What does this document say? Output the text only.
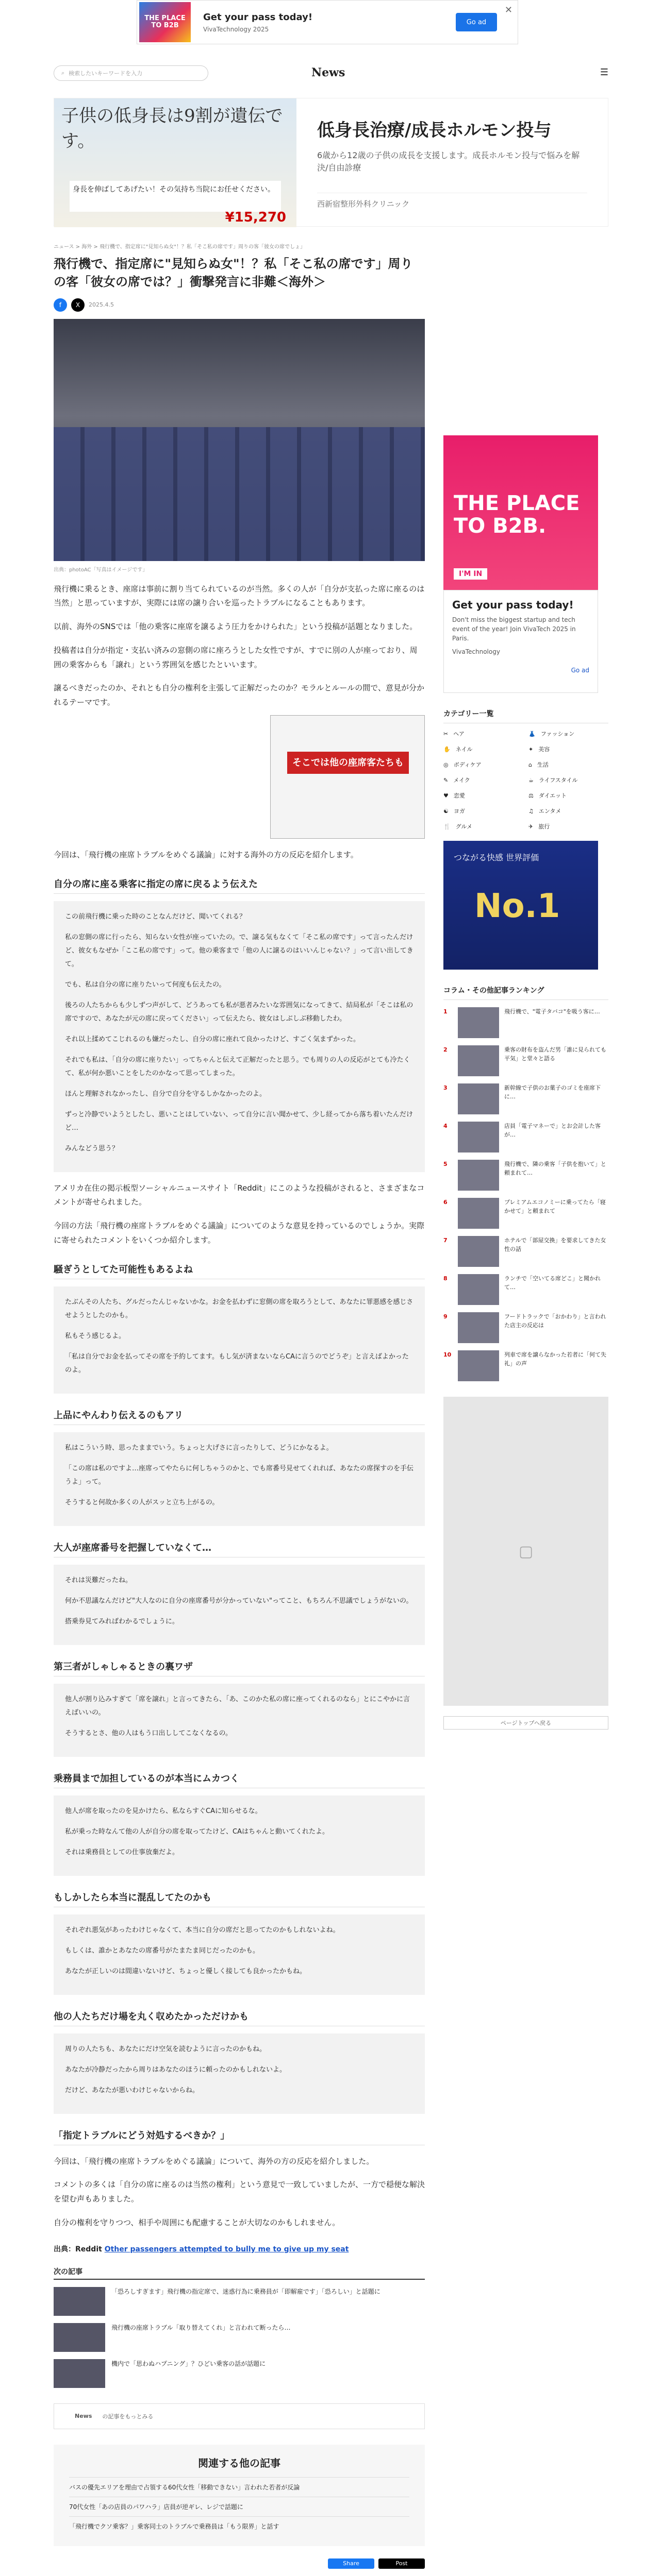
THE PLACE TO B2B
Get your pass today!
VivaTechnology 2025
Go ad
✕
⌕ 検索したいキーワードを入力	News	☰
子供の低身長は9割が遺伝です。
身長を伸ばしてあげたい！その気持ち当院にお任せください。
¥15,270
低身長治療/成長ホルモン投与
6歳から12歳の子供の成長を支援します。成長ホルモン投与で悩みを解決/自由診療
西新宿整形外科クリニック
ニュース > 海外 > 飛行機で、指定席に"見知らぬ女"！？私「そこ私の席です」周りの客「彼女の席でしょ」
飛行機で、指定席に"見知らぬ女"！？私「そこ私の席です」周りの客「彼女の席では？」衝撃発言に非難＜海外＞
f	X	2025.4.5
出典：photoAC「写真はイメージです」

飛行機に乗るとき、座席は事前に割り当てられているのが当然。多くの人が「自分が支払った席に座るのは当然」と思っていますが、実際には席の譲り合いを巡ったトラブルになることもあります。

以前、海外のSNSでは「他の乗客に座席を譲るよう圧力をかけられた」という投稿が話題となりました。

投稿者は自分が指定・支払い済みの窓側の席に座ろうとした女性ですが、すでに別の人が座っており、周囲の乗客からも「譲れ」という雰囲気を感じたといいます。

譲るべきだったのか、それとも自分の権利を主張して正解だったのか？モラルとルールの間で、意見が分かれるテーマです。

そこでは他の座席客たちも

今回は、「飛行機の座席トラブルをめぐる議論」に対する海外の方の反応を紹介します。

自分の席に座る乗客に指定の席に戻るよう伝えた

この前飛行機に乗った時のことなんだけど、聞いてくれる？

私の窓側の席に行ったら、知らない女性が座っていたの。で、譲る気もなくて「そこ私の席です」って言ったんだけど、彼女もなぜか「ここ私の席です」って。他の乗客まで「他の人に譲るのはいいんじゃない？」って言い出してきて。

でも、私は自分の席に座りたいって何度も伝えたの。

後ろの人たちからも少しずつ声がして、どうあっても私が悪者みたいな雰囲気になってきて、結局私が「そこは私の席ですので、あなたが元の席に戻ってください」って伝えたら、彼女はしぶしぶ移動したわ。

それ以上揉めてこじれるのも嫌だったし、自分の席に座れて良かったけど、すごく気まずかった。

それでも私は、「自分の席に座りたい」ってちゃんと伝えて正解だったと思う。でも周りの人の反応がとても冷たくて、私が何か悪いことをしたのかなって思ってしまった。

ほんと理解されなかったし、自分で自分を守るしかなかったのよ。

ずっと冷静でいようとしたし、悪いことはしていない、って自分に言い聞かせて、少し経ってから落ち着いたんだけど…

みんなどう思う？

アメリカ在住の掲示板型ソーシャルニュースサイト「Reddit」にこのような投稿がされると、さまざまなコメントが寄せられました。

今回の方法「飛行機の座席トラブルをめぐる議論」についてのような意見を持っているのでしょうか。実際に寄せられたコメントをいくつか紹介します。

騒ぎうとしてた可能性もあるよね

たぶんその人たち、グルだったんじゃないかな。お金を払わずに窓側の席を取ろうとして、あなたに罪悪感を感じさせようとしたのかも。

私もそう感じるよ。

「私は自分でお金を払ってその席を予約してます。もし気が済まないならCAに言うのでどうぞ」と言えばよかったのよ。

上品にやんわり伝えるのもアリ

私はこういう時、思ったままでいう。ちょっと大げさに言ったりして、どうにかなるよ。

「この席は私のですよ…座席ってやたらに何しちゃうのかと、でも席番号見せてくれれば、あなたの席探すのを手伝うよ」って。

そうすると何故か多くの人がスッと立ち上がるの。

大人が座席番号を把握していなくて…

それは災難だったね。

何か不思議なんだけど"大人なのに自分の座席番号が分かっていない"ってこと、もちろん不思議でしょうがないの。

搭乗券見てみればわかるでしょうに。

第三者がしゃしゃるときの裏ワザ

他人が割り込みすぎて「席を譲れ」と言ってきたら、「あ、このかた私の席に座ってくれるのなら」とにこやかに言えばいいの。

そうするとさ、他の人はもう口出ししてこなくなるの。

乗務員まで加担しているのが本当にムカつく

他人が席を取ったのを見かけたら、私ならすぐCAに知らせるな。

私が乗った時なんて他の人が自分の席を取ってたけど、CAはちゃんと動いてくれたよ。

それは乗務員としての仕事放棄だよ。

もしかしたら本当に混乱してたのかも

それぞれ悪気があったわけじゃなくて、本当に自分の席だと思ってたのかもしれないよね。

もしくは、誰かとあなたの席番号がたまたま同じだったのかも。

あなたが正しいのは間違いないけど、ちょっと優しく接しても良かったかもね。

他の人たちだけ場を丸く収めたかっただけかも

周りの人たちも、あなたにだけ空気を読むように言ったのかもね。

あなたが冷静だったから周りはあなたのほうに頼ったのかもしれないよ。

だけど、あなたが悪いわけじゃないからね。

「指定トラブルにどう対処するべきか？」

今回は、「飛行機の座席トラブルをめぐる議論」について、海外の方の反応を紹介しました。

コメントの多くは「自分の席に座るのは当然の権利」という意見で一致していましたが、一方で穏便な解決を望む声もありました。

自分の権利を守りつつ、相手や周囲にも配慮することが大切なのかもしれません。

出典：Reddit Other passengers attempted to bully me to give up my seat
次の記事
「恐ろしすぎます」飛行機の指定席で、迷惑行為に乗務員が「即解雇です」「恐ろしい」と話題に
飛行機の座席トラブル「取り替えてくれ」と言われて断ったら…
機内で「思わぬハプニング」？ひどい乗客の話が話題に
News の記事をもっとみる
関連する他の記事
バスの優先エリアを理由で占領する60代女性「移動できない」言われた若者が反論
70代女性「あの店員のパワハラ」店員が逆ギレ、レジで話題に
「飛行機でクソ乗客？」乗客同士のトラブルで乗務員は「もう限界」と話す
Share	Post
THE PLACE TO B2B.
I'M IN
Get your pass today!
Don't miss the biggest startup and tech event of the year! Join VivaTech 2025 in Paris.
VivaTechnology
Go ad
カテゴリー一覧
✂ ヘア	👗 ファッション
✋ ネイル	✦ 美容
◎ ボディケア	⌂ 生活
✎ メイク	☕ ライフスタイル
♥ 恋愛	⚖ ダイエット
☯ ヨガ	♫ エンタメ
🍴 グルメ	✈ 旅行
つながる快感 世界評価
No.1
コラム・その他記事ランキング
1	飛行機で、"電子タバコ"を吸う客に…
2	乗客の財布を盗んだ男「誰に見られても平気」と堂々と語る
3	新幹線で子供のお菓子のゴミを座席下に…
4	店員「電子マネーで」とお会計した客が…
5	飛行機で、隣の乗客「子供を抱いて」と頼まれて…
6	プレミアムエコノミーに乗ってたら「寝かせて」と頼まれて
7	ホテルで「部屋交換」を要求してきた女性の話
8	ランチで「空いてる席どこ」と聞かれて…
9	フードトラックで「おかわり」と言われた店主の反応は
10	列車で席を譲らなかった若者に「何て失礼」の声
▢
ページトップへ戻る
